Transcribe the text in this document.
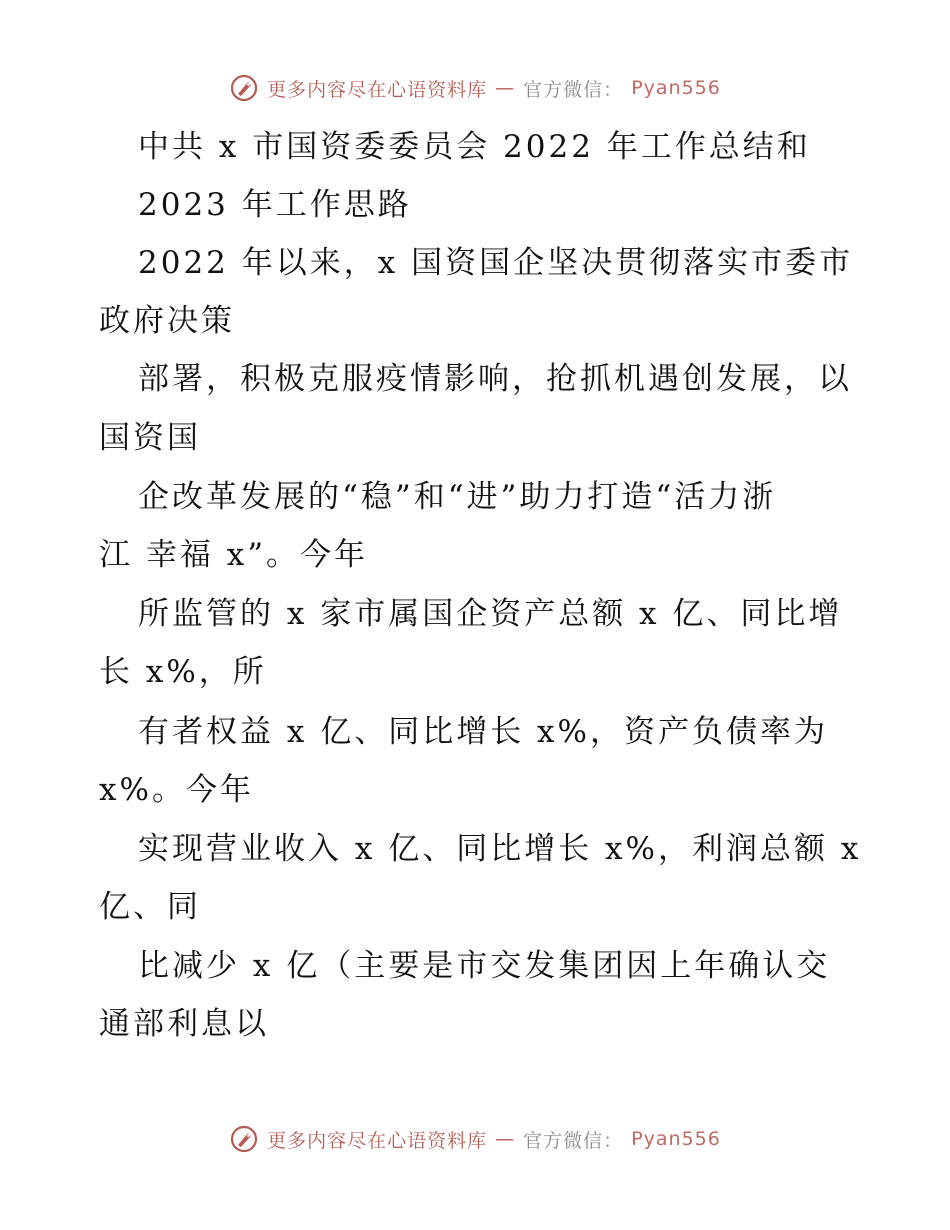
更多内容尽在心语资料库 — 官方微信： Pyan556
中共 x 市国资委委员会 2022 年工作总结和
2023 年工作思路
2022 年以来，x 国资国企坚决贯彻落实市委市
政府决策
部署，积极克服疫情影响，抢抓机遇创发展，以
国资国
企改革发展的“稳”和“进”助力打造“活力浙
江 幸福 x”。今年
所监管的 x 家市属国企资产总额 x 亿、同比增
长 x%，所
有者权益 x 亿、同比增长 x%，资产负债率为
x%。今年
实现营业收入 x 亿、同比增长 x%，利润总额 x
亿、同
比减少 x 亿（主要是市交发集团因上年确认交
通部利息以
更多内容尽在心语资料库 — 官方微信： Pyan556
